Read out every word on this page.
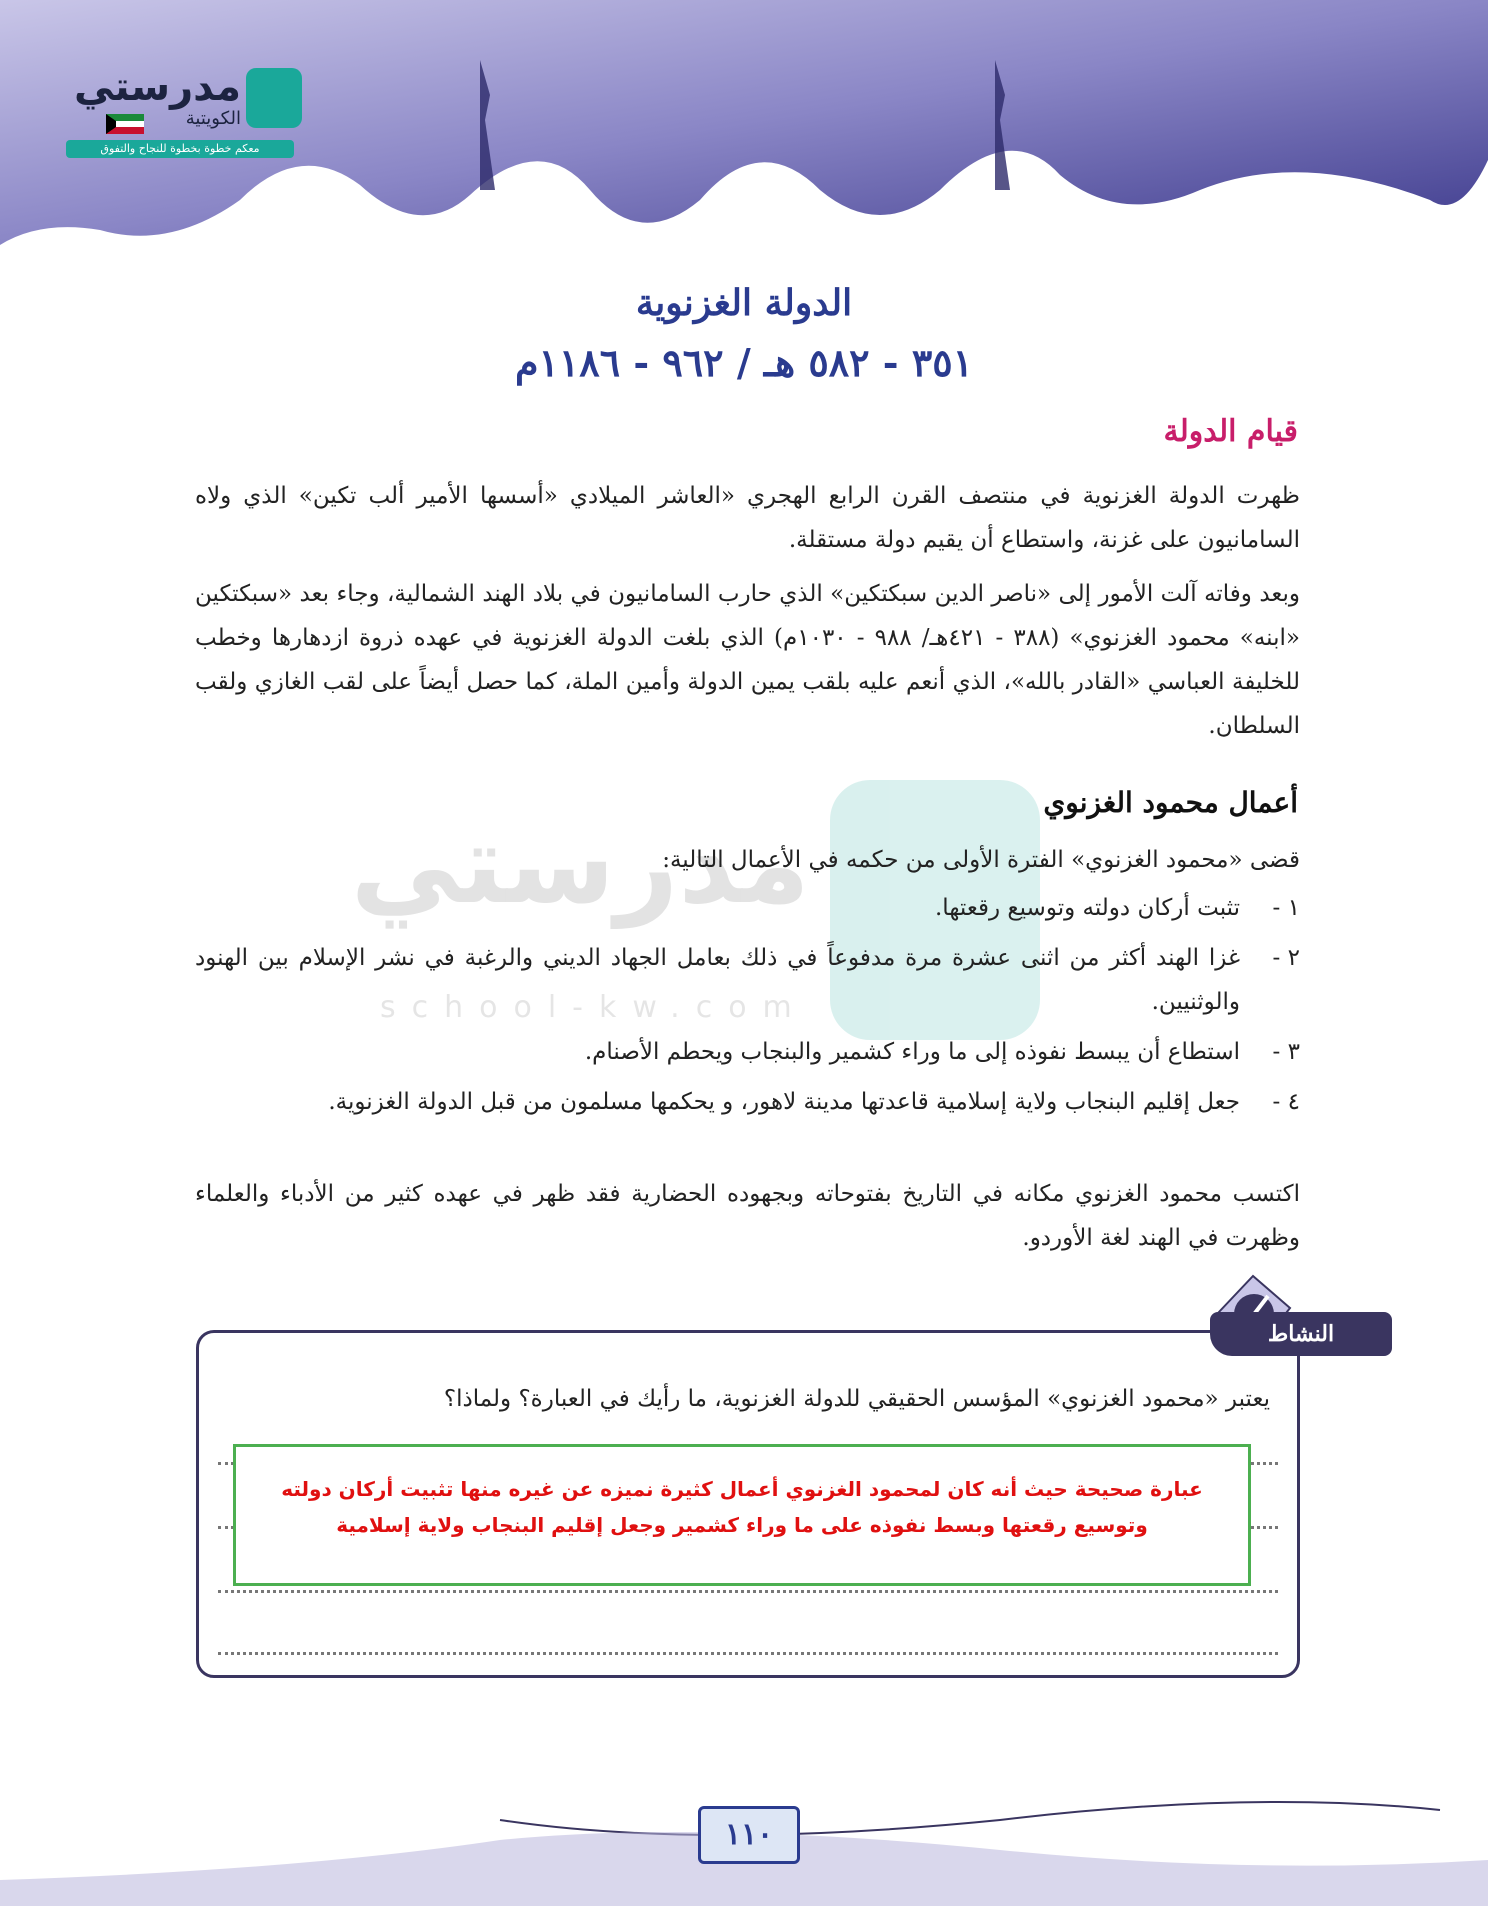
مدرستي
الكويتية
معكم خطوة بخطوة للنجاح والتفوق
الدولة الغزنوية
٣٥١ - ٥٨٢ هـ / ٩٦٢ - ١١٨٦م
قيام الدولة

ظهرت الدولة الغزنوية في منتصف القرن الرابع الهجري «العاشر الميلادي «أسسها الأمير ألب تكين» الذي ولاه السامانيون على غزنة، واستطاع أن يقيم دولة مستقلة.

وبعد وفاته آلت الأمور إلى «ناصر الدين سبكتكين» الذي حارب السامانيون في بلاد الهند الشمالية، وجاء بعد «سبكتكين «ابنه» محمود الغزنوي» (٣٨٨ - ٤٢١هـ/ ٩٨٨ - ١٠٣٠م) الذي بلغت الدولة الغزنوية في عهده ذروة ازدهارها وخطب للخليفة العباسي «القادر بالله»، الذي أنعم عليه بلقب يمين الدولة وأمين الملة، كما حصل أيضاً على لقب الغازي ولقب السلطان.

مدرستي
school-kw.com
أعمال محمود الغزنوي

قضى «محمود الغزنوي» الفترة الأولى من حكمه في الأعمال التالية:

١ -
تثبت أركان دولته وتوسيع رقعتها.
٢ -
غزا الهند أكثر من اثنى عشرة مرة مدفوعاً في ذلك بعامل الجهاد الديني والرغبة في نشر الإسلام بين الهنود والوثنيين.
٣ -
استطاع أن يبسط نفوذه إلى ما وراء كشمير والبنجاب ويحطم الأصنام.
٤ -
جعل إقليم البنجاب ولاية إسلامية قاعدتها مدينة لاهور، و يحكمها مسلمون من قبل الدولة الغزنوية.

اكتسب محمود الغزنوي مكانه في التاريخ بفتوحاته وبجهوده الحضارية فقد ظهر في عهده كثير من الأدباء والعلماء وظهرت في الهند لغة الأوردو.

النشاط

يعتبر «محمود الغزنوي» المؤسس الحقيقي للدولة الغزنوية، ما رأيك في العبارة؟ ولماذا؟

عبارة صحيحة حيث أنه كان لمحمود الغزنوي أعمال كثيرة نميزه عن غيره منها تثبيت أركان دولته
وتوسيع رقعتها وبسط نفوذه على ما وراء كشمير وجعل إقليم البنجاب ولاية إسلامية
١١٠
